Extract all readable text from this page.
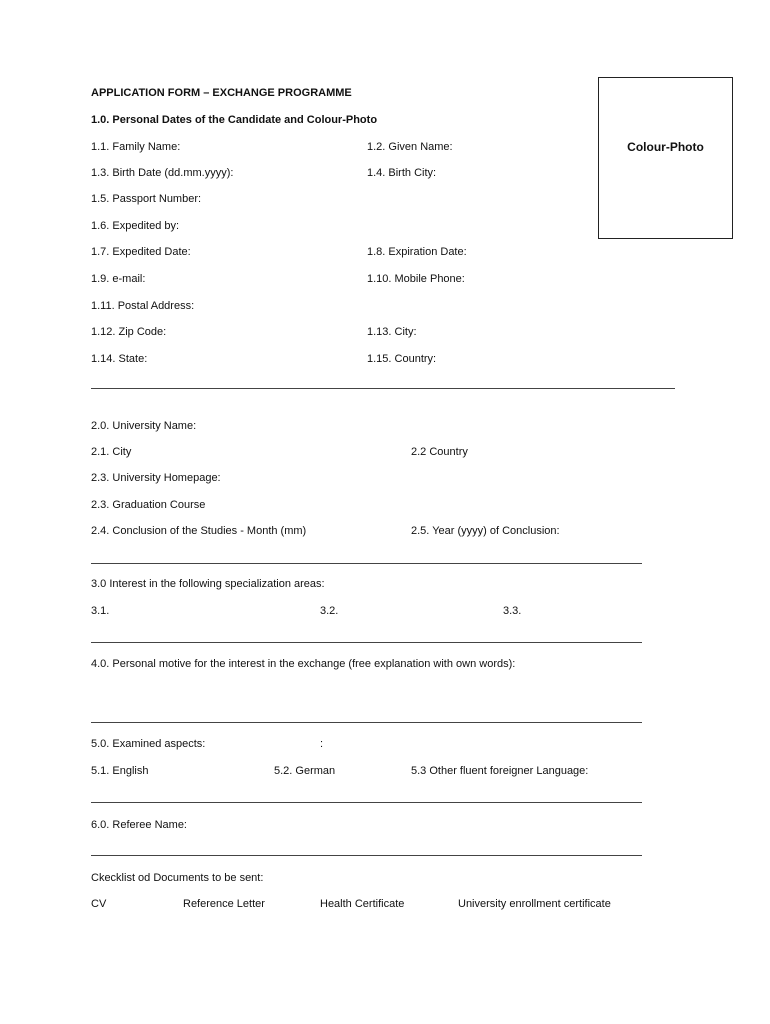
APPLICATION FORM – EXCHANGE PROGRAMME
1.0. Personal Dates of the Candidate and Colour-Photo
1.1. Family Name:	1.2. Given Name:
1.3. Birth Date (dd.mm.yyyy):	1.4. Birth City:
1.5. Passport Number:
1.6. Expedited by:
1.7. Expedited Date:	1.8. Expiration Date:
1.9. e-mail:	1.10. Mobile Phone:
1.11. Postal Address:
1.12. Zip Code:	1.13. City:
1.14. State:	1.15. Country:
Colour-Photo
2.0. University Name:
2.1. City	2.2 Country
2.3. University Homepage:
2.3. Graduation Course
2.4. Conclusion of the Studies - Month (mm)	2.5. Year (yyyy) of Conclusion:
3.0 Interest in the following specialization areas:
3.1.	3.2.	3.3.
4.0. Personal motive for the interest in the exchange (free explanation with own words):
5.0. Examined aspects:	:
5.1. English	5.2. German	5.3 Other fluent foreigner Language:
6.0. Referee Name:
Ckecklist od Documents to be sent:
CV	Reference Letter	Health Certificate	University enrollment certificate
